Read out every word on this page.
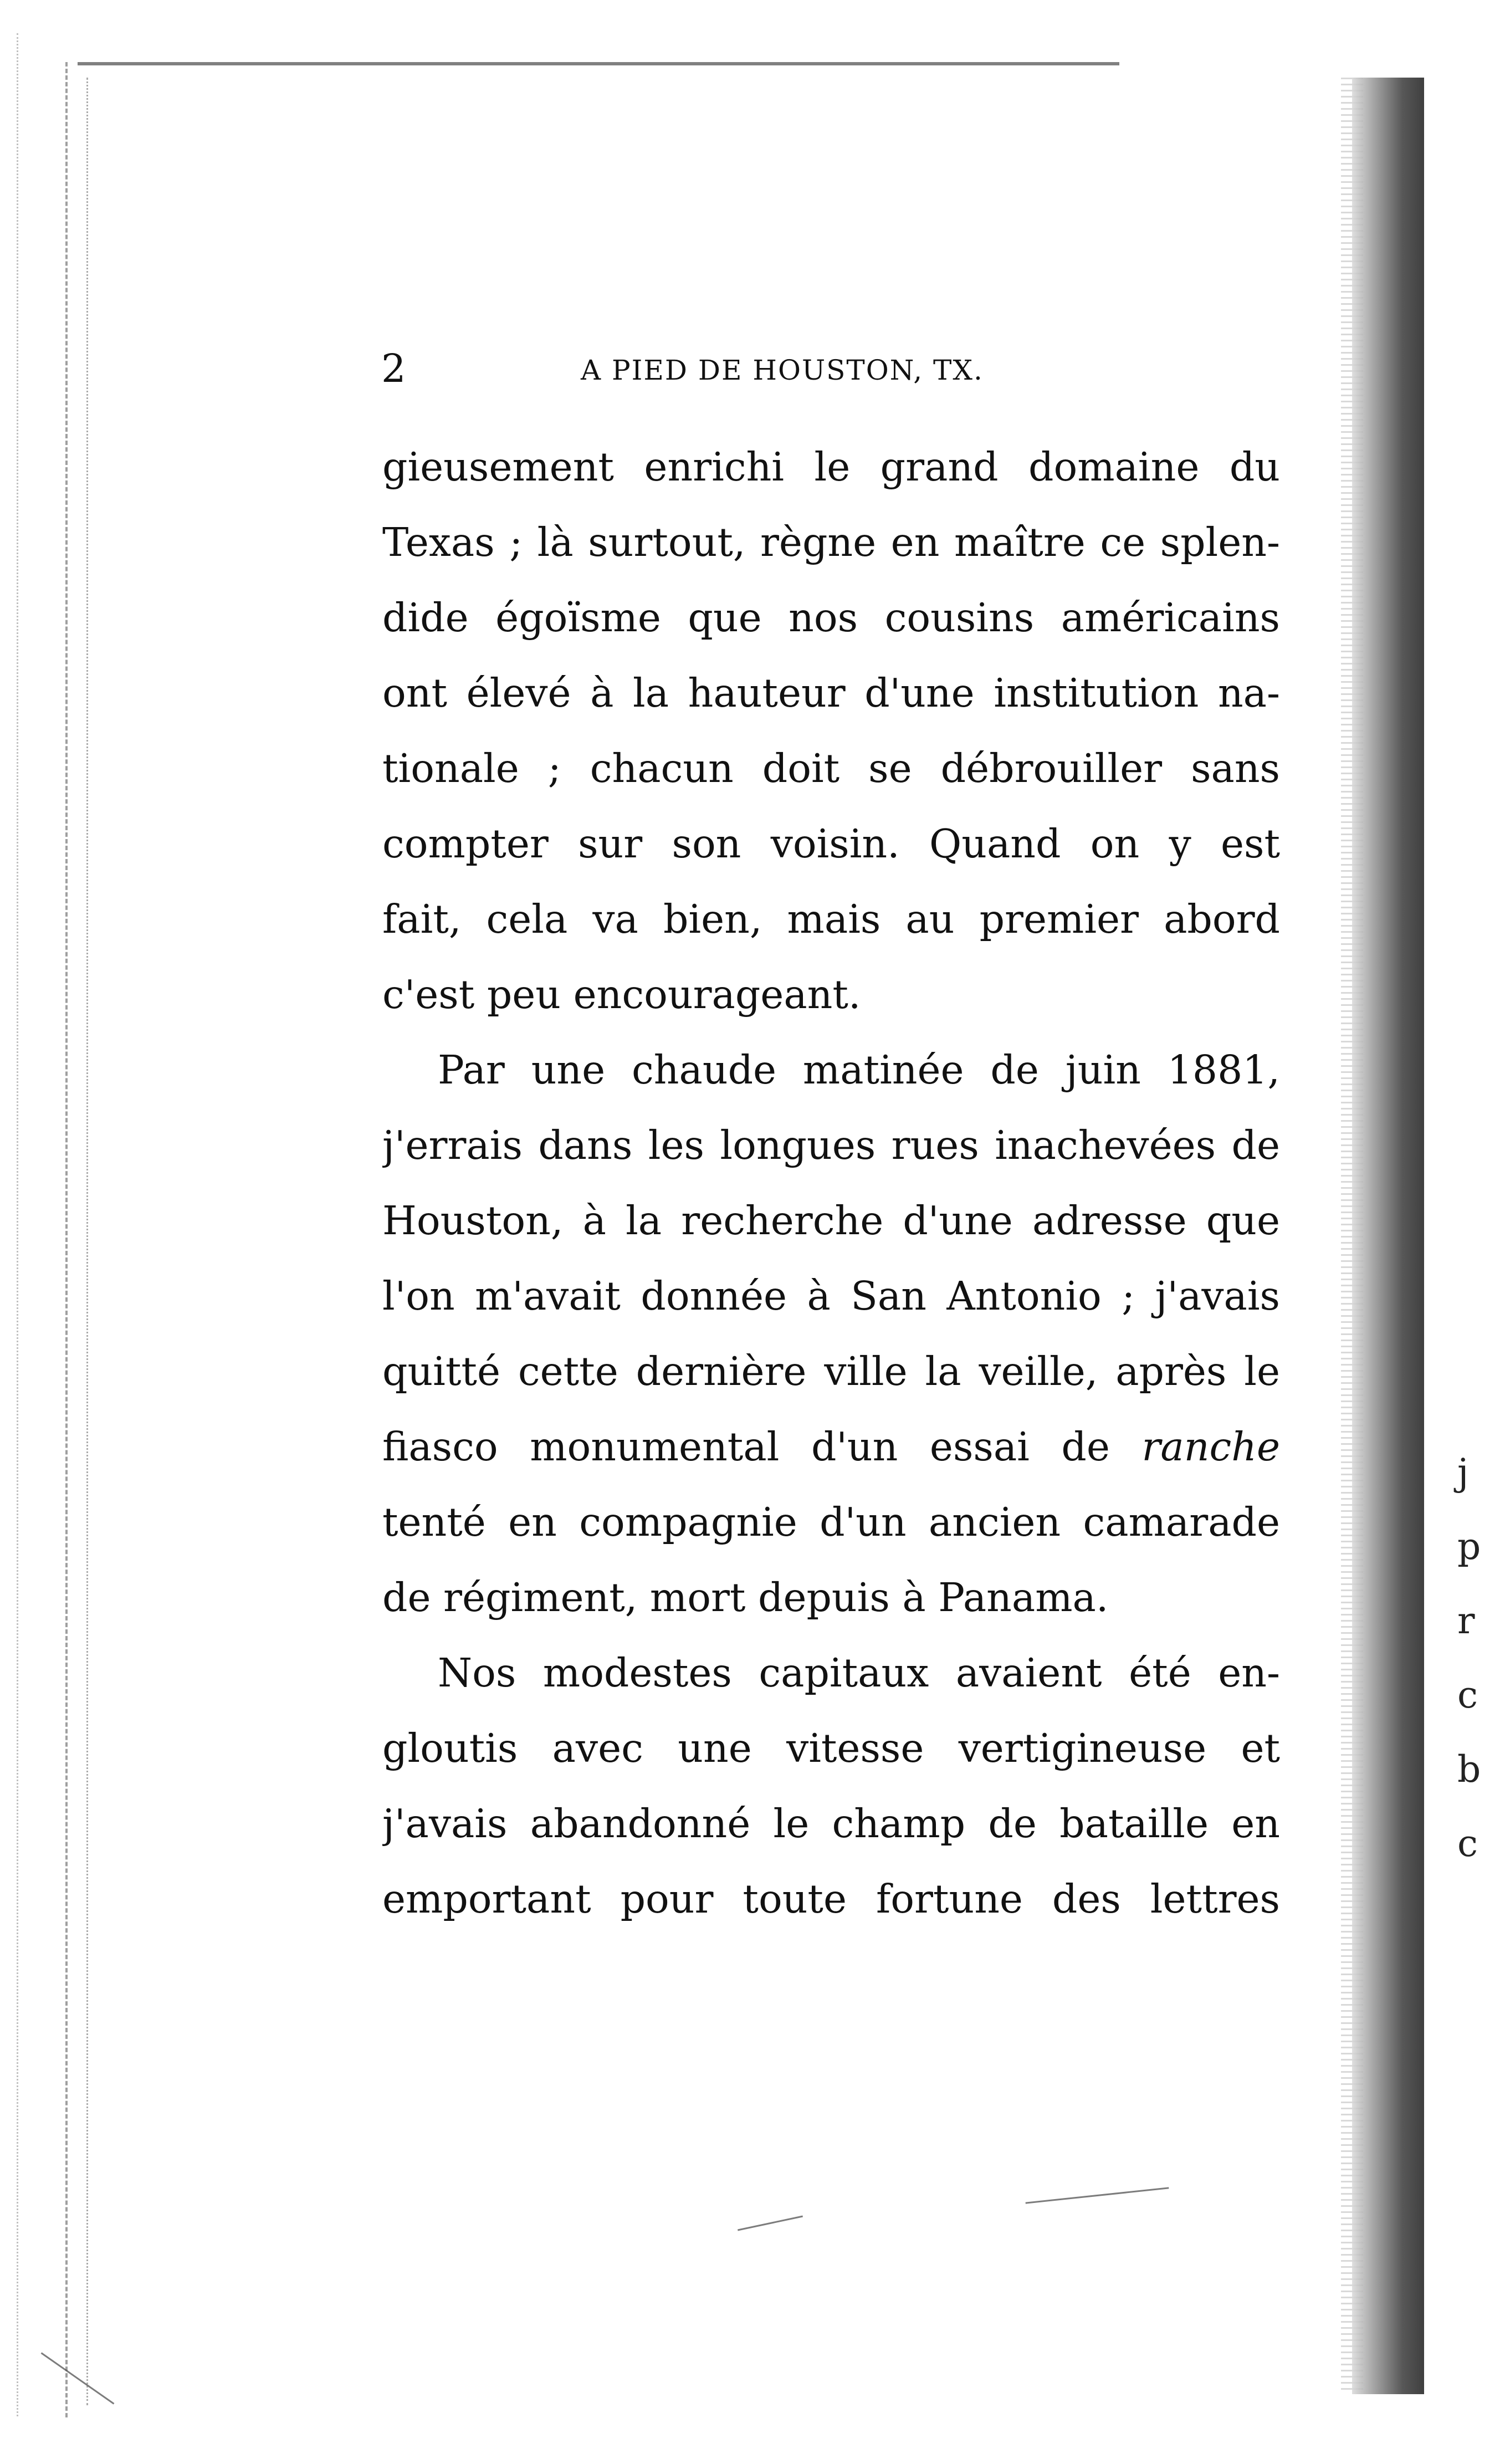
2	A PIED DE HOUSTON, TX.
gieusement enrichi le grand domaine du
Texas ; là surtout, règne en maître ce splen-
dide égoïsme que nos cousins américains
ont élevé à la hauteur d'une institution na-
tionale ; chacun doit se débrouiller sans
compter sur son voisin. Quand on y est
fait, cela va bien, mais au premier abord
c'est peu encourageant.
Par une chaude matinée de juin 1881,
j'errais dans les longues rues inachevées de
Houston, à la recherche d'une adresse que
l'on m'avait donnée à San Antonio ; j'avais
quitté cette dernière ville la veille, après le
fiasco monumental d'un essai de ranche
tenté en compagnie d'un ancien camarade
de régiment, mort depuis à Panama.
Nos modestes capitaux avaient été en-
gloutis avec une vitesse vertigineuse et
j'avais abandonné le champ de bataille en
emportant pour toute fortune des lettres
j
p
r
c
b
c
